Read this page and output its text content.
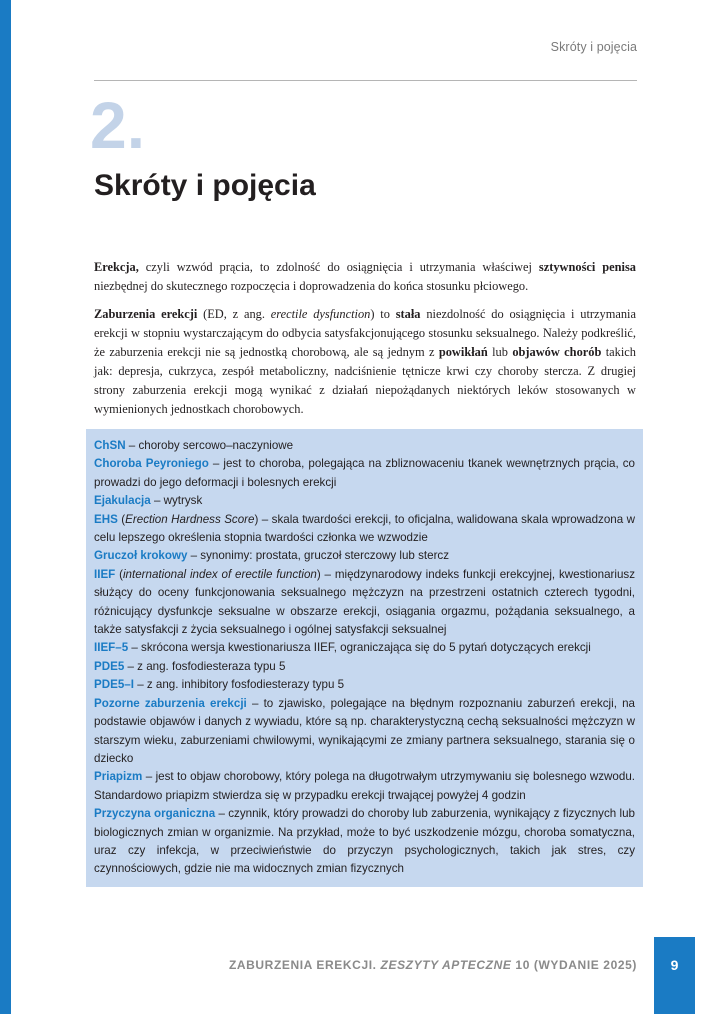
Skróty i pojęcia
2.
Skróty i pojęcia

Erekcja, czyli wzwód prącia, to zdolność do osiągnięcia i utrzymania właściwej sztywności penisa niezbędnej do skutecznego rozpoczęcia i doprowadzenia do końca stosunku płciowego.

Zaburzenia erekcji (ED, z ang. erectile dysfunction) to stała niezdolność do osiągnięcia i utrzymania erekcji w stopniu wystarczającym do odbycia satysfakcjonującego stosunku seksualnego. Należy podkreślić, że zaburzenia erekcji nie są jednostką chorobową, ale są jednym z powikłań lub objawów chorób takich jak: depresja, cukrzyca, zespół metaboliczny, nadciśnienie tętnicze krwi czy choroby stercza. Z drugiej strony zaburzenia erekcji mogą wynikać z działań niepożądanych niektórych leków stosowanych w wymienionych jednostkach chorobowych.

ChSN – choroby sercowo–naczyniowe

Choroba Peyroniego – jest to choroba, polegająca na zbliznowaceniu tkanek wewnętrznych prącia, co prowadzi do jego deformacji i bolesnych erekcji

Ejakulacja – wytrysk

EHS (Erection Hardness Score) – skala twardości erekcji, to oficjalna, walidowana skala wprowadzona w celu lepszego określenia stopnia twardości członka we wzwodzie

Gruczoł krokowy – synonimy: prostata, gruczoł sterczowy lub stercz

IIEF (international index of erectile function) – międzynarodowy indeks funkcji erekcyjnej, kwestionariusz służący do oceny funkcjonowania seksualnego mężczyzn na przestrzeni ostatnich czterech tygodni, różnicujący dysfunkcje seksualne w obszarze erekcji, osiągania orgazmu, pożądania seksualnego, a także satysfakcji z życia seksualnego i ogólnej satysfakcji seksualnej

IIEF–5 – skrócona wersja kwestionariusza IIEF, ograniczająca się do 5 pytań dotyczących erekcji

PDE5 – z ang. fosfodiesteraza typu 5

PDE5–I – z ang. inhibitory fosfodiesterazy typu 5

Pozorne zaburzenia erekcji – to zjawisko, polegające na błędnym rozpoznaniu zaburzeń erekcji, na podstawie objawów i danych z wywiadu, które są np. charakterystyczną cechą seksualności mężczyzn w starszym wieku, zaburzeniami chwilowymi, wynikającymi ze zmiany partnera seksualnego, starania się o dziecko

Priapizm – jest to objaw chorobowy, który polega na długotrwałym utrzymywaniu się bolesnego wzwodu. Standardowo priapizm stwierdza się w przypadku erekcji trwającej powyżej 4 godzin

Przyczyna organiczna – czynnik, który prowadzi do choroby lub zaburzenia, wynikający z fizycznych lub biologicznych zmian w organizmie. Na przykład, może to być uszkodzenie mózgu, choroba somatyczna, uraz czy infekcja, w przeciwieństwie do przyczyn psychologicznych, takich jak stres, czy czynnościowych, gdzie nie ma widocznych zmian fizycznych

ZABURZENIA EREKCJI. ZESZYTY APTECZNE 10 (WYDANIE 2025)	9
